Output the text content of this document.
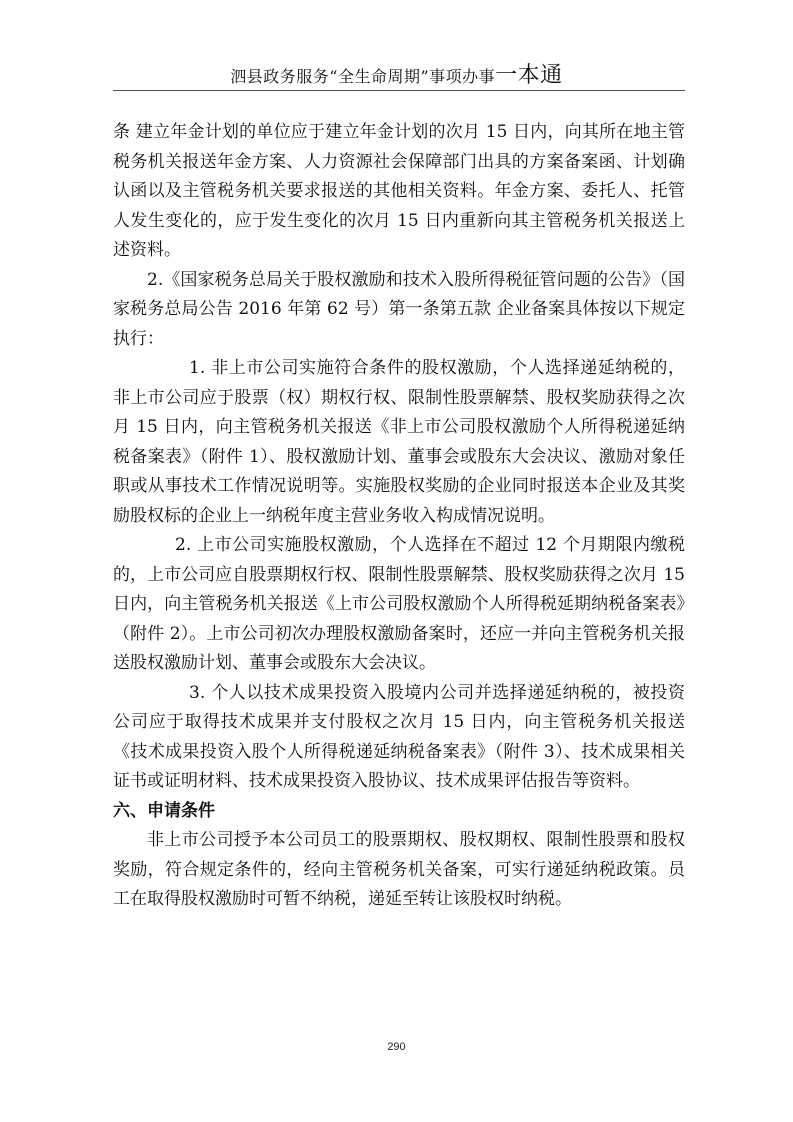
泗县政务服务“全生命周期”事项办事一本通

条 建立年金计划的单位应于建立年金计划的次月 15 日内，向其所在地主管税务机关报送年金方案、人力资源社会保障部门出具的方案备案函、计划确认函以及主管税务机关要求报送的其他相关资料。年金方案、委托人、托管人发生变化的，应于发生变化的次月 15 日内重新向其主管税务机关报送上述资料。

2.《国家税务总局关于股权激励和技术入股所得税征管问题的公告》（国家税务总局公告 2016 年第 62 号）第一条第五款 企业备案具体按以下规定执行：

1. 非上市公司实施符合条件的股权激励，个人选择递延纳税的，非上市公司应于股票（权）期权行权、限制性股票解禁、股权奖励获得之次月 15 日内，向主管税务机关报送《非上市公司股权激励个人所得税递延纳税备案表》（附件 1）、股权激励计划、董事会或股东大会决议、激励对象任职或从事技术工作情况说明等。实施股权奖励的企业同时报送本企业及其奖励股权标的企业上一纳税年度主营业务收入构成情况说明。

2. 上市公司实施股权激励，个人选择在不超过 12 个月期限内缴税的，上市公司应自股票期权行权、限制性股票解禁、股权奖励获得之次月 15 日内，向主管税务机关报送《上市公司股权激励个人所得税延期纳税备案表》（附件 2）。上市公司初次办理股权激励备案时，还应一并向主管税务机关报送股权激励计划、董事会或股东大会决议。

3. 个人以技术成果投资入股境内公司并选择递延纳税的，被投资公司应于取得技术成果并支付股权之次月 15 日内，向主管税务机关报送《技术成果投资入股个人所得税递延纳税备案表》（附件 3）、技术成果相关证书或证明材料、技术成果投资入股协议、技术成果评估报告等资料。

六、申请条件

非上市公司授予本公司员工的股票期权、股权期权、限制性股票和股权奖励，符合规定条件的，经向主管税务机关备案，可实行递延纳税政策。员工在取得股权激励时可暂不纳税，递延至转让该股权时纳税。

290
